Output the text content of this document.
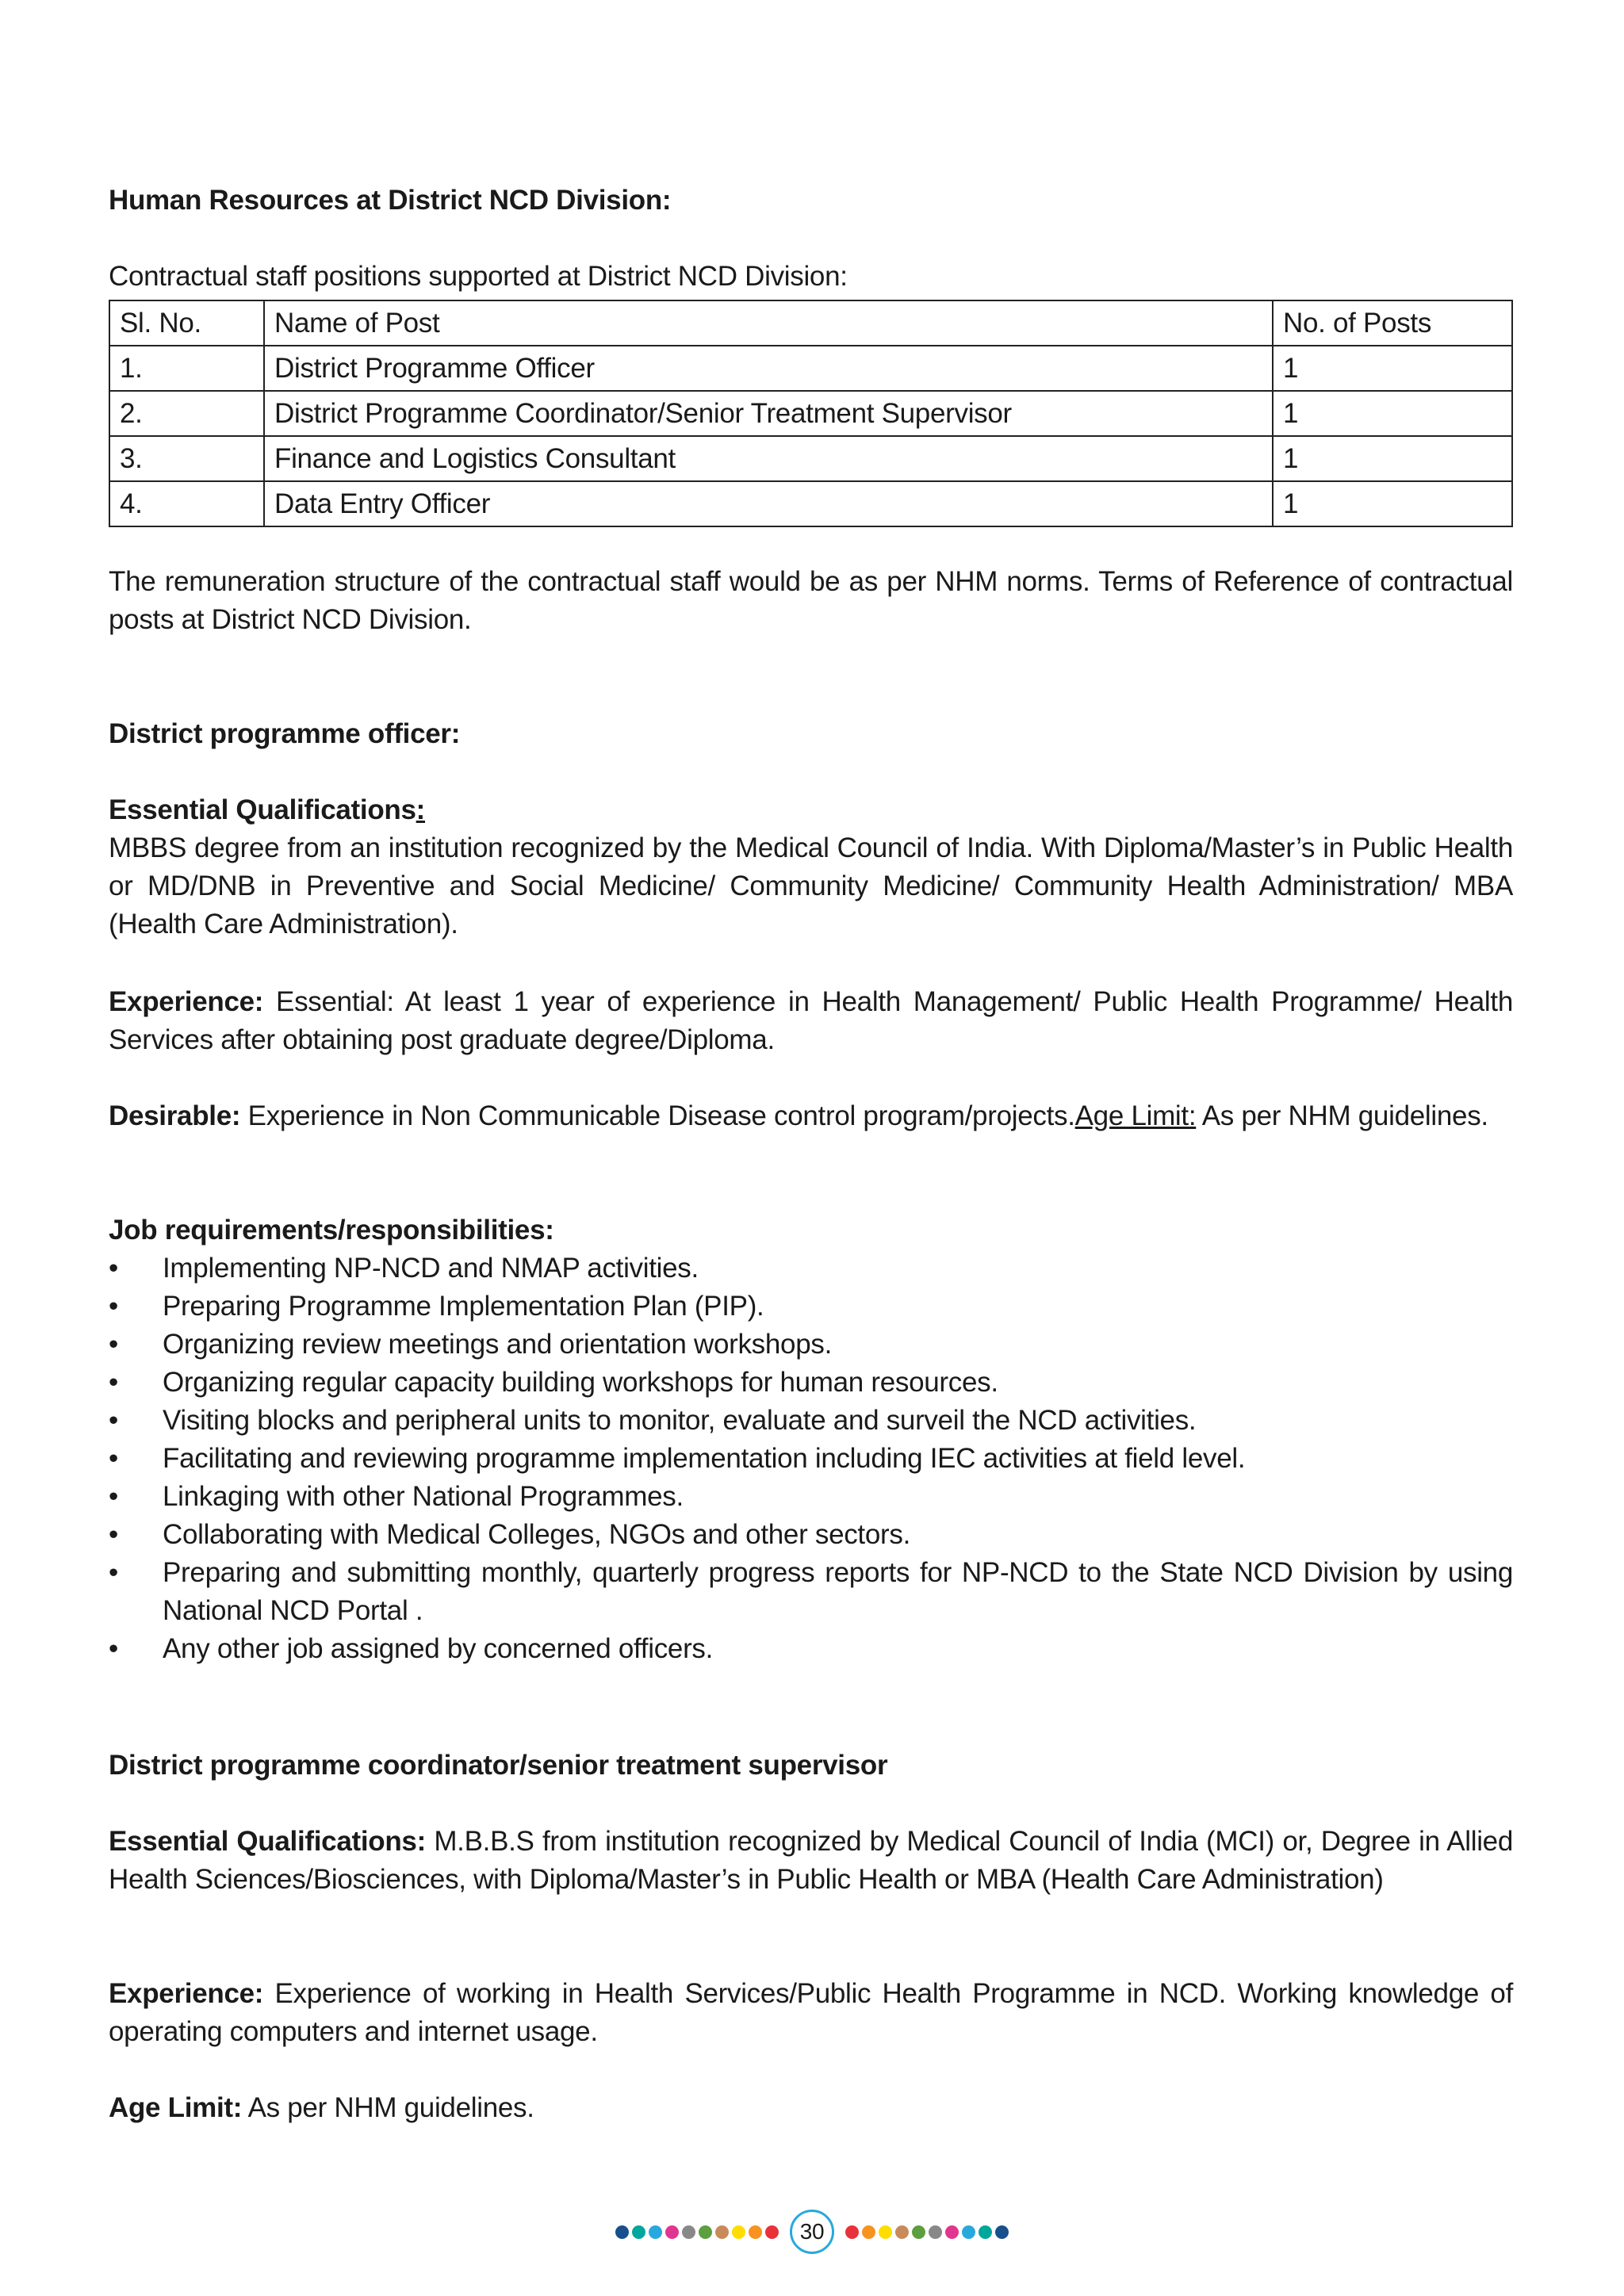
Human Resources at District NCD Division:
Contractual staff positions supported at District NCD Division:
Sl. No.	Name of Post	No. of Posts
1.	District Programme Officer	1
2.	District Programme Coordinator/Senior Treatment Supervisor	1
3.	Finance and Logistics Consultant	1
4.	Data Entry Officer	1
The remuneration structure of the contractual staff would be as per NHM norms. Terms of Reference of contractual posts at District NCD Division.
District programme officer:
Essential Qualifications:
MBBS degree from an institution recognized by the Medical Council of India. With Diploma/Master’s in Public Health or MD/DNB in Preventive and Social Medicine/ Community Medicine/ Community Health Administration/ MBA (Health Care Administration).
Experience: Essential: At least 1 year of experience in Health Management/ Public Health Programme/ Health Services after obtaining post graduate degree/Diploma.
Desirable: Experience in Non Communicable Disease control program/projects.Age Limit: As per NHM guidelines.
Job requirements/responsibilities:
• Implementing NP-NCD and NMAP activities.
• Preparing Programme Implementation Plan (PIP).
• Organizing review meetings and orientation workshops.
• Organizing regular capacity building workshops for human resources.
• Visiting blocks and peripheral units to monitor, evaluate and surveil the NCD activities.
• Facilitating and reviewing programme implementation including IEC activities at field level.
• Linkaging with other National Programmes.
• Collaborating with Medical Colleges, NGOs and other sectors.
• Preparing and submitting monthly, quarterly progress reports for NP-NCD to the State NCD Division by using National NCD Portal .
• Any other job assigned by concerned officers.
District programme coordinator/senior treatment supervisor
Essential Qualifications: M.B.B.S from institution recognized by Medical Council of India (MCI) or, Degree in Allied Health Sciences/Biosciences, with Diploma/Master’s in Public Health or MBA (Health Care Administration)
Experience: Experience of working in Health Services/Public Health Programme in NCD. Working knowledge of operating computers and internet usage.
Age Limit: As per NHM guidelines.
30
